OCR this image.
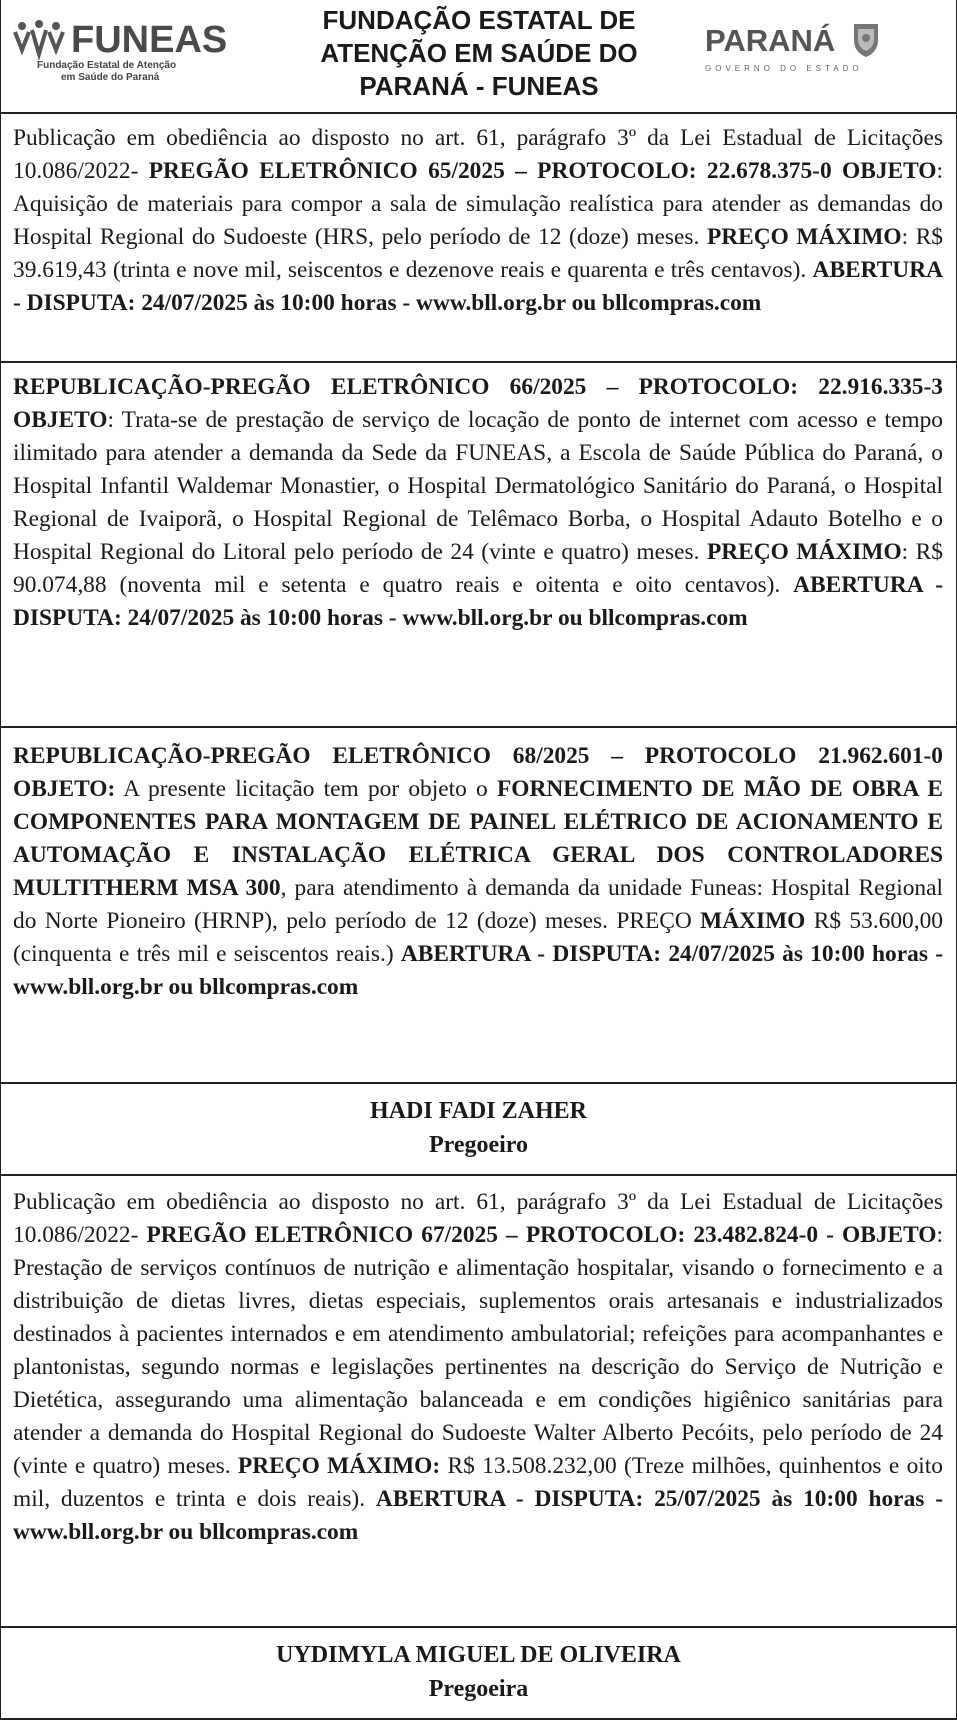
FUNEAS
Fundação Estatal de Atenção
em Saúde do Paraná
FUNDAÇÃO ESTATAL DE
ATENÇÃO EM SAÚDE DO
PARANÁ - FUNEAS
PARANÁ
GOVERNO DO ESTADO
Publicação em obediência ao disposto no art. 61, parágrafo 3º da Lei Estadual de Licitações 10.086/2022- PREGÃO ELETRÔNICO 65/2025 – PROTOCOLO: 22.678.375-0 OBJETO: Aquisição de materiais para compor a sala de simulação realística para atender as demandas do Hospital Regional do Sudoeste (HRS, pelo período de 12 (doze) meses. PREÇO MÁXIMO: R$ 39.619,43 (trinta e nove mil, seiscentos e dezenove reais e quarenta e três centavos). ABERTURA - DISPUTA: 24/07/2025 às 10:00 horas - www.bll.org.br ou bllcompras.com
REPUBLICAÇÃO-PREGÃO ELETRÔNICO 66/2025 – PROTOCOLO: 22.916.335-3 OBJETO: Trata-se de prestação de serviço de locação de ponto de internet com acesso e tempo ilimitado para atender a demanda da Sede da FUNEAS, a Escola de Saúde Pública do Paraná, o Hospital Infantil Waldemar Monastier, o Hospital Dermatológico Sanitário do Paraná, o Hospital Regional de Ivaiporã, o Hospital Regional de Telêmaco Borba, o Hospital Adauto Botelho e o Hospital Regional do Litoral pelo período de 24 (vinte e quatro) meses. PREÇO MÁXIMO: R$ 90.074,88 (noventa mil e setenta e quatro reais e oitenta e oito centavos). ABERTURA - DISPUTA: 24/07/2025 às 10:00 horas - www.bll.org.br ou bllcompras.com
REPUBLICAÇÃO-PREGÃO ELETRÔNICO 68/2025 – PROTOCOLO 21.962.601-0 OBJETO: A presente licitação tem por objeto o FORNECIMENTO DE MÃO DE OBRA E COMPONENTES PARA MONTAGEM DE PAINEL ELÉTRICO DE ACIONAMENTO E AUTOMAÇÃO E INSTALAÇÃO ELÉTRICA GERAL DOS CONTROLADORES MULTITHERM MSA 300, para atendimento à demanda da unidade Funeas: Hospital Regional do Norte Pioneiro (HRNP), pelo período de 12 (doze) meses. PREÇO MÁXIMO R$ 53.600,00 (cinquenta e três mil e seiscentos reais.) ABERTURA - DISPUTA: 24/07/2025 às 10:00 horas - www.bll.org.br ou bllcompras.com
HADI FADI ZAHER
Pregoeiro
Publicação em obediência ao disposto no art. 61, parágrafo 3º da Lei Estadual de Licitações 10.086/2022- PREGÃO ELETRÔNICO 67/2025 – PROTOCOLO: 23.482.824-0 - OBJETO: Prestação de serviços contínuos de nutrição e alimentação hospitalar, visando o fornecimento e a distribuição de dietas livres, dietas especiais, suplementos orais artesanais e industrializados destinados à pacientes internados e em atendimento ambulatorial; refeições para acompanhantes e plantonistas, segundo normas e legislações pertinentes na descrição do Serviço de Nutrição e Dietética, assegurando uma alimentação balanceada e em condições higiênico sanitárias para atender a demanda do Hospital Regional do Sudoeste Walter Alberto Pecóits, pelo período de 24 (vinte e quatro) meses. PREÇO MÁXIMO: R$ 13.508.232,00 (Treze milhões, quinhentos e oito mil, duzentos e trinta e dois reais). ABERTURA - DISPUTA: 25/07/2025 às 10:00 horas - www.bll.org.br ou bllcompras.com
UYDIMYLA MIGUEL DE OLIVEIRA
Pregoeira
